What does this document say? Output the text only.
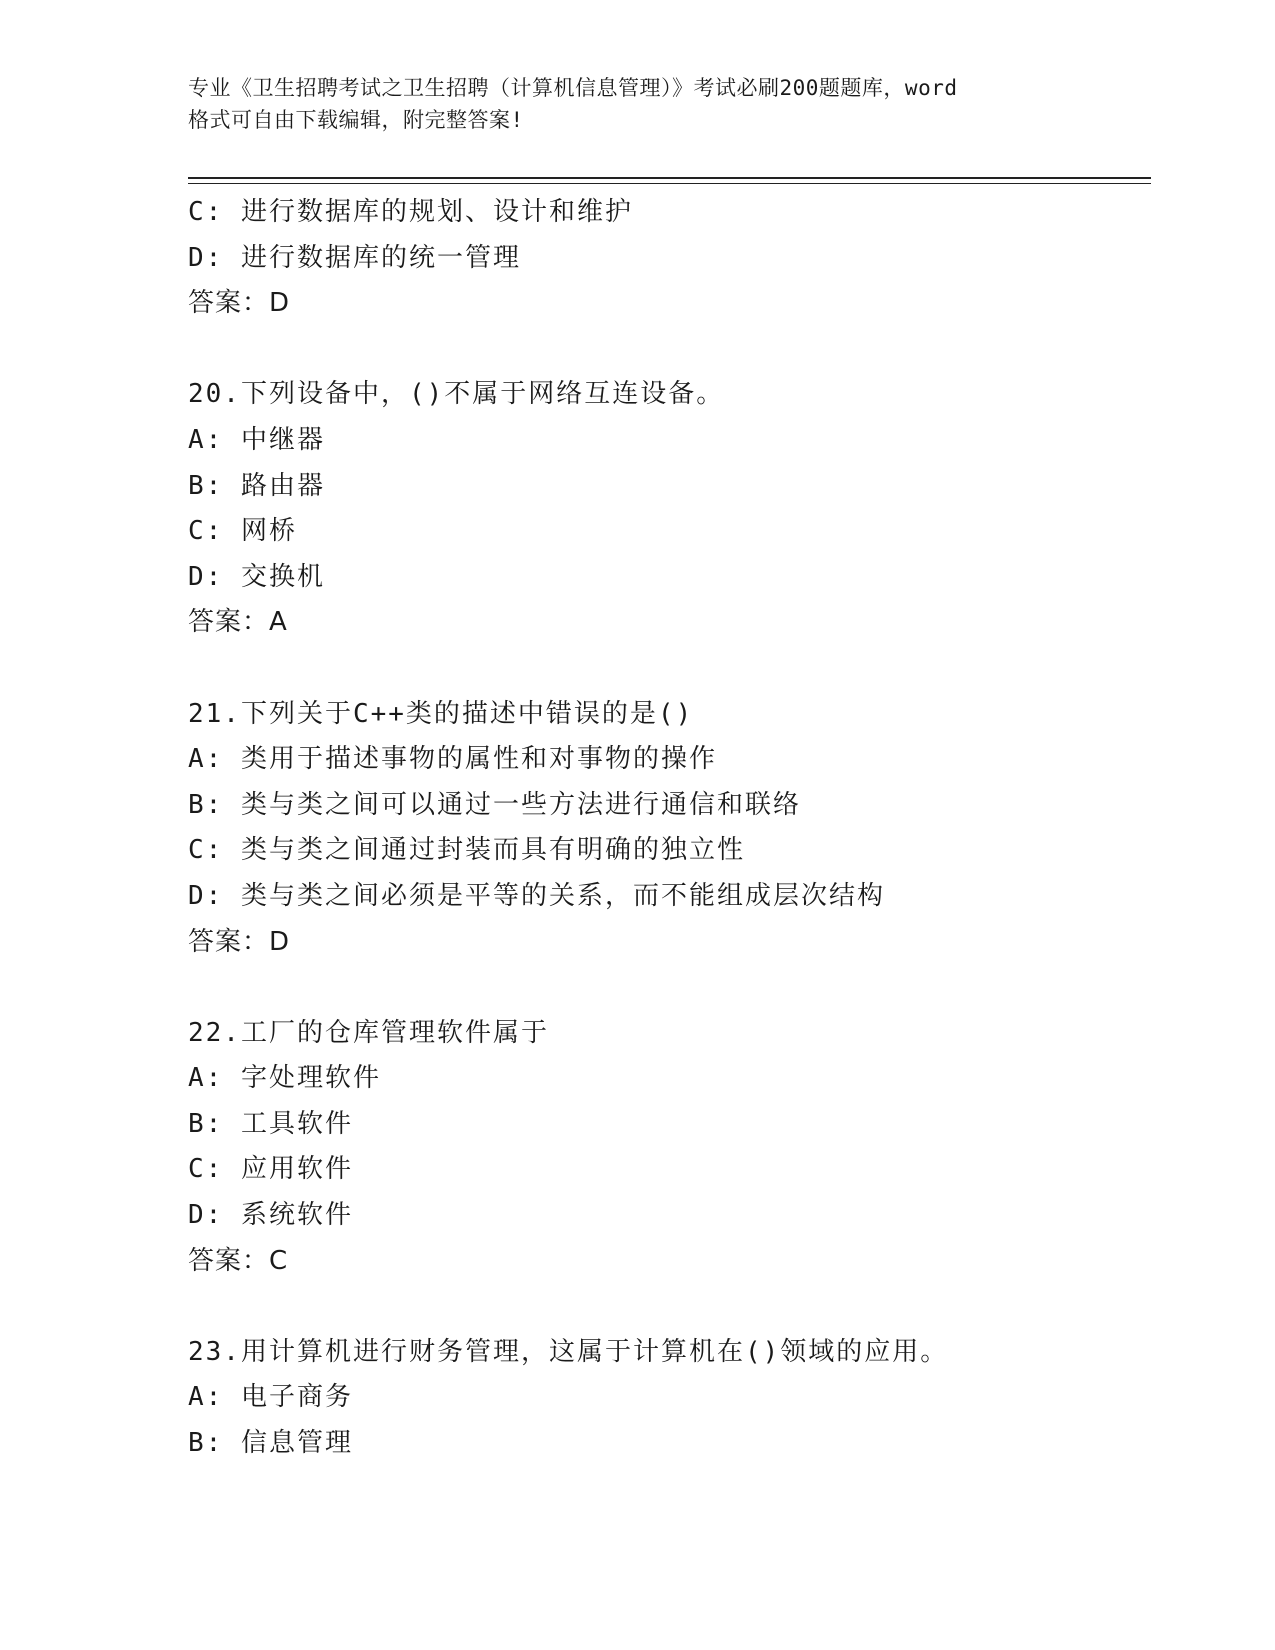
专业《卫生招聘考试之卫生招聘（计算机信息管理）》考试必刷200题题库，word
格式可自由下载编辑，附完整答案!
C: 进行数据库的规划、设计和维护
D: 进行数据库的统一管理
答案：D
20.下列设备中，()不属于网络互连设备。
A: 中继器
B: 路由器
C: 网桥
D: 交换机
答案：A
21.下列关于C++类的描述中错误的是()
A: 类用于描述事物的属性和对事物的操作
B: 类与类之间可以通过一些方法进行通信和联络
C: 类与类之间通过封装而具有明确的独立性
D: 类与类之间必须是平等的关系，而不能组成层次结构
答案：D
22.工厂的仓库管理软件属于
A: 字处理软件
B: 工具软件
C: 应用软件
D: 系统软件
答案：C
23.用计算机进行财务管理，这属于计算机在()领域的应用。
A: 电子商务
B: 信息管理
